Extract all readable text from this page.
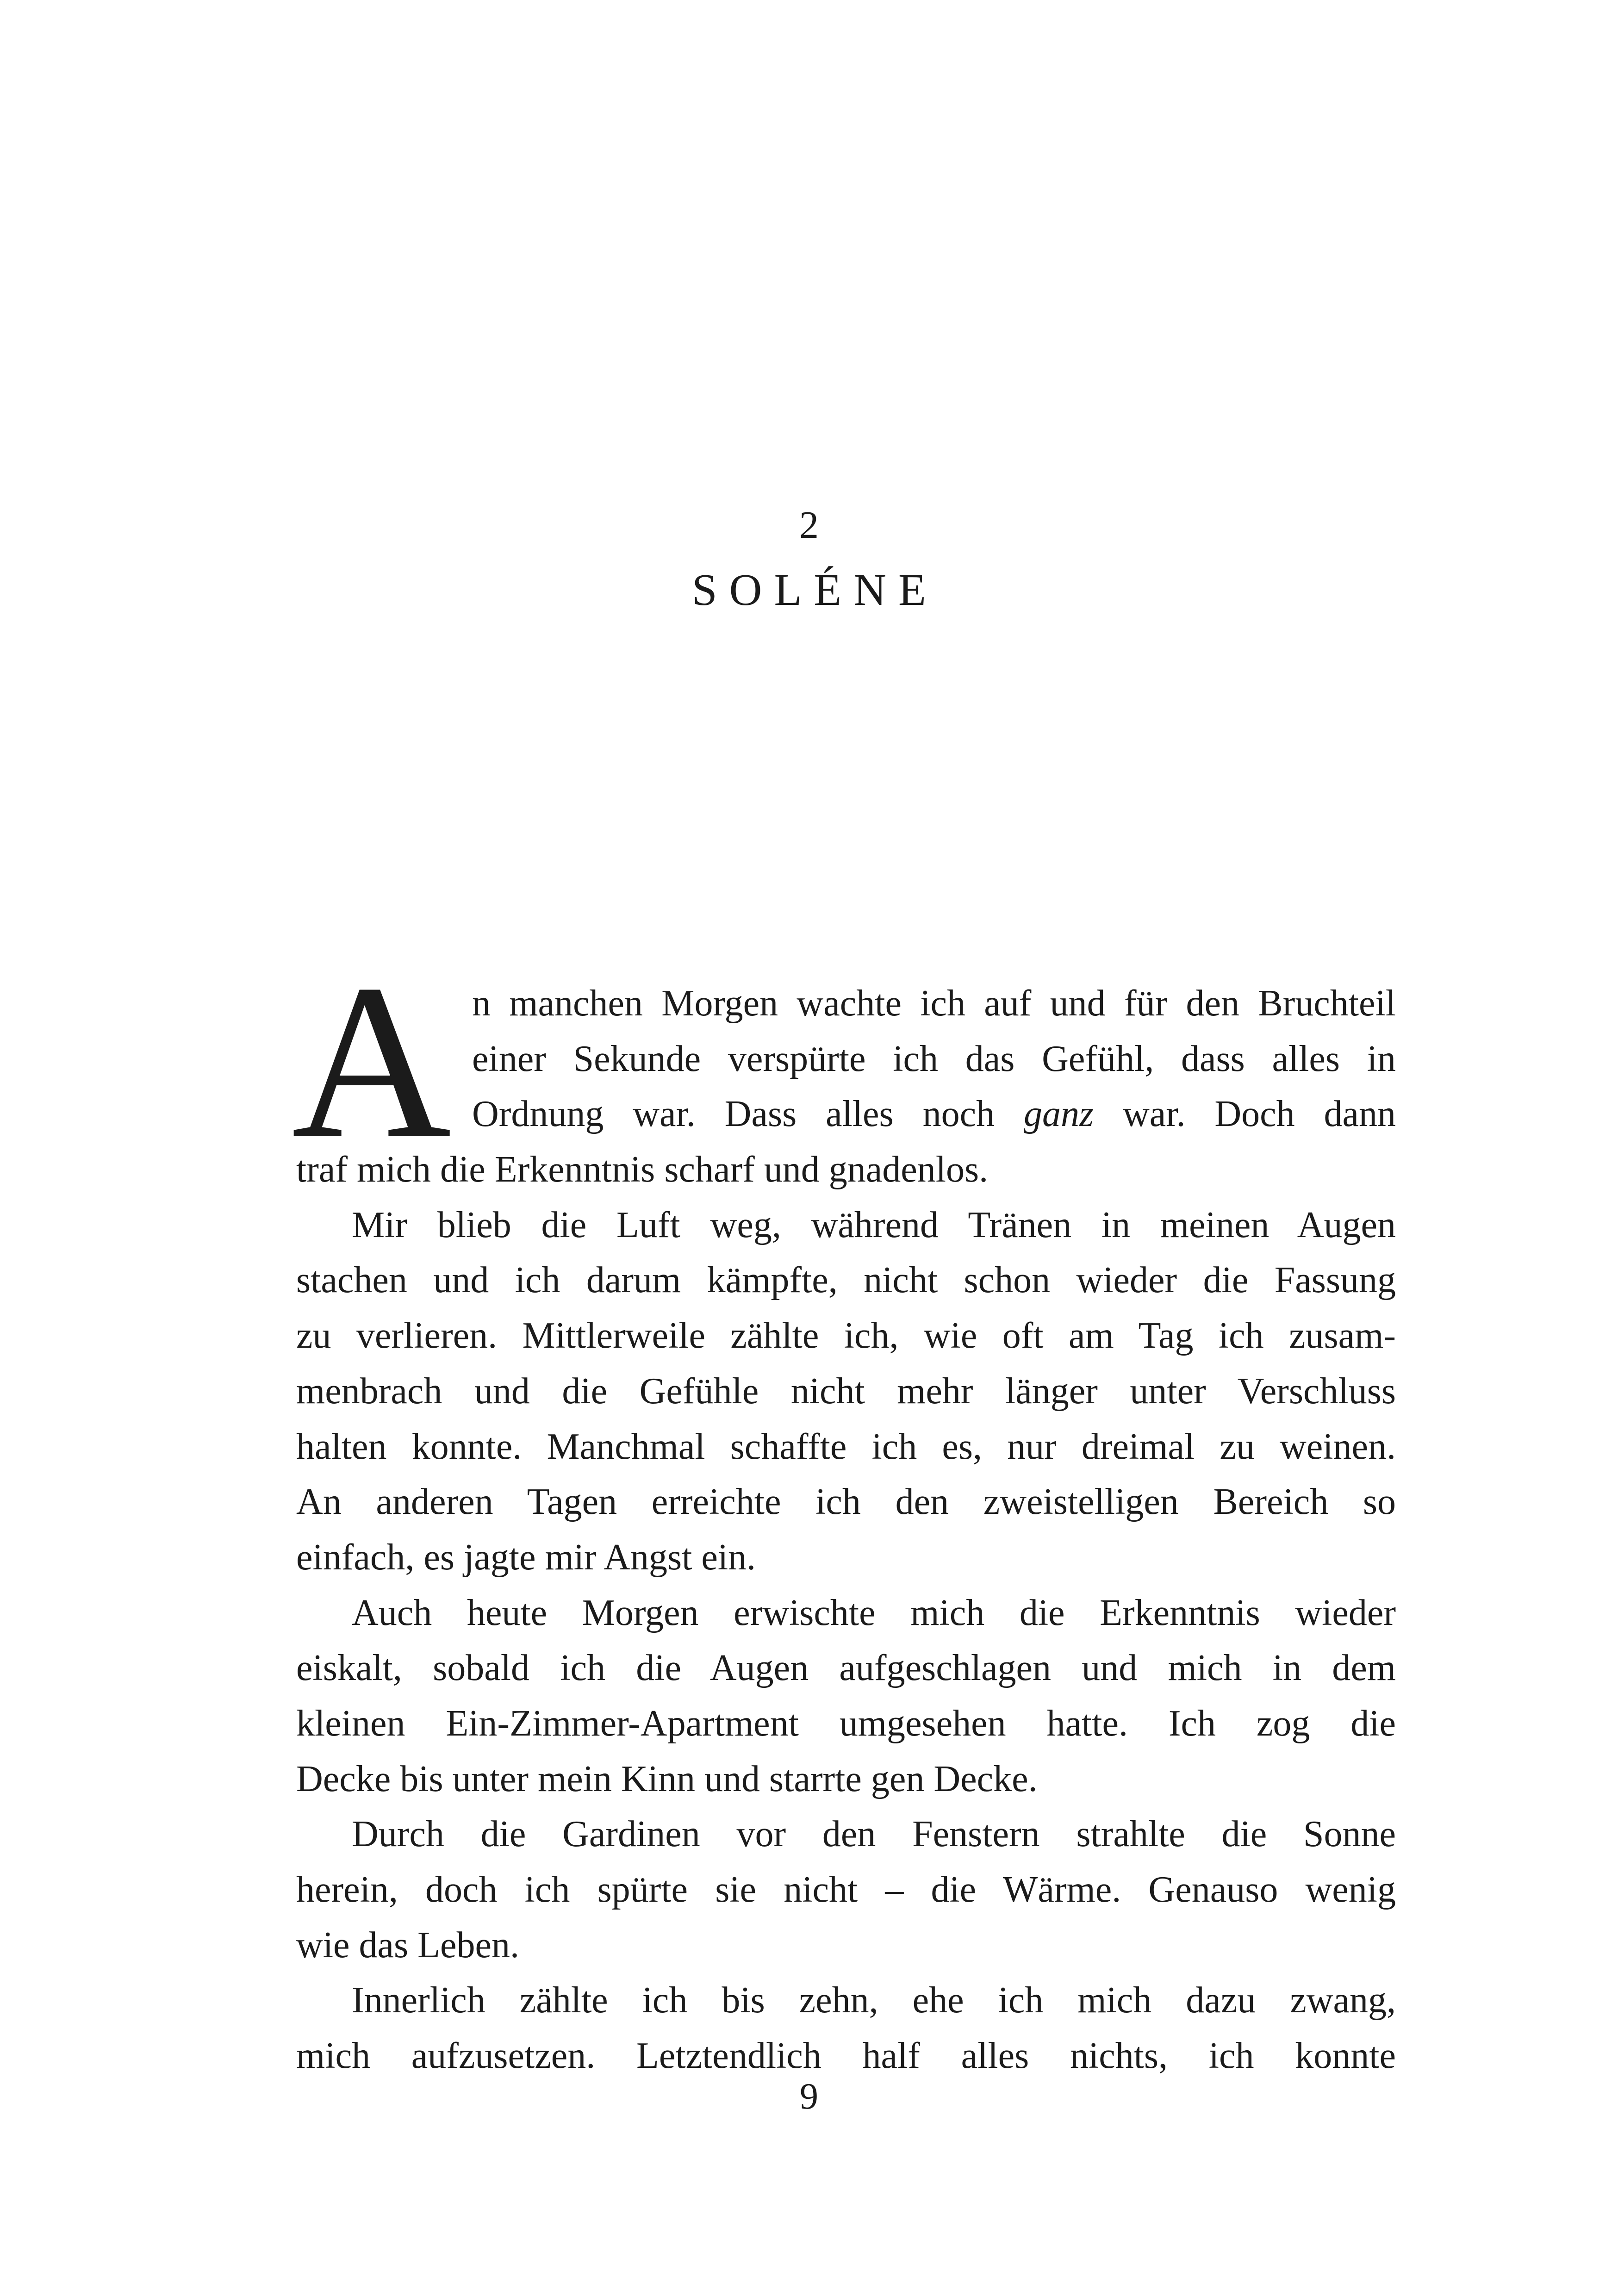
2
SOLÉNE
A n manchen Morgen wachte ich auf und für den Bruchteil
einer Sekunde verspürte ich das Gefühl, dass alles in
Ordnung war. Dass alles noch ganz war. Doch dann
traf mich die Erkenntnis scharf und gnadenlos.
Mir blieb die Luft weg, während Tränen in meinen Augen
stachen und ich darum kämpfte, nicht schon wieder die Fassung
zu verlieren. Mittlerweile zählte ich, wie oft am Tag ich zusam-
menbrach und die Gefühle nicht mehr länger unter Verschluss
halten konnte. Manchmal schaffte ich es, nur dreimal zu weinen.
An anderen Tagen erreichte ich den zweistelligen Bereich so
einfach, es jagte mir Angst ein.
Auch heute Morgen erwischte mich die Erkenntnis wieder
eiskalt, sobald ich die Augen aufgeschlagen und mich in dem
kleinen Ein-Zimmer-Apartment umgesehen hatte. Ich zog die
Decke bis unter mein Kinn und starrte gen Decke.
Durch die Gardinen vor den Fenstern strahlte die Sonne
herein, doch ich spürte sie nicht – die Wärme. Genauso wenig
wie das Leben.
Innerlich zählte ich bis zehn, ehe ich mich dazu zwang,
mich aufzusetzen. Letztendlich half alles nichts, ich konnte
9
